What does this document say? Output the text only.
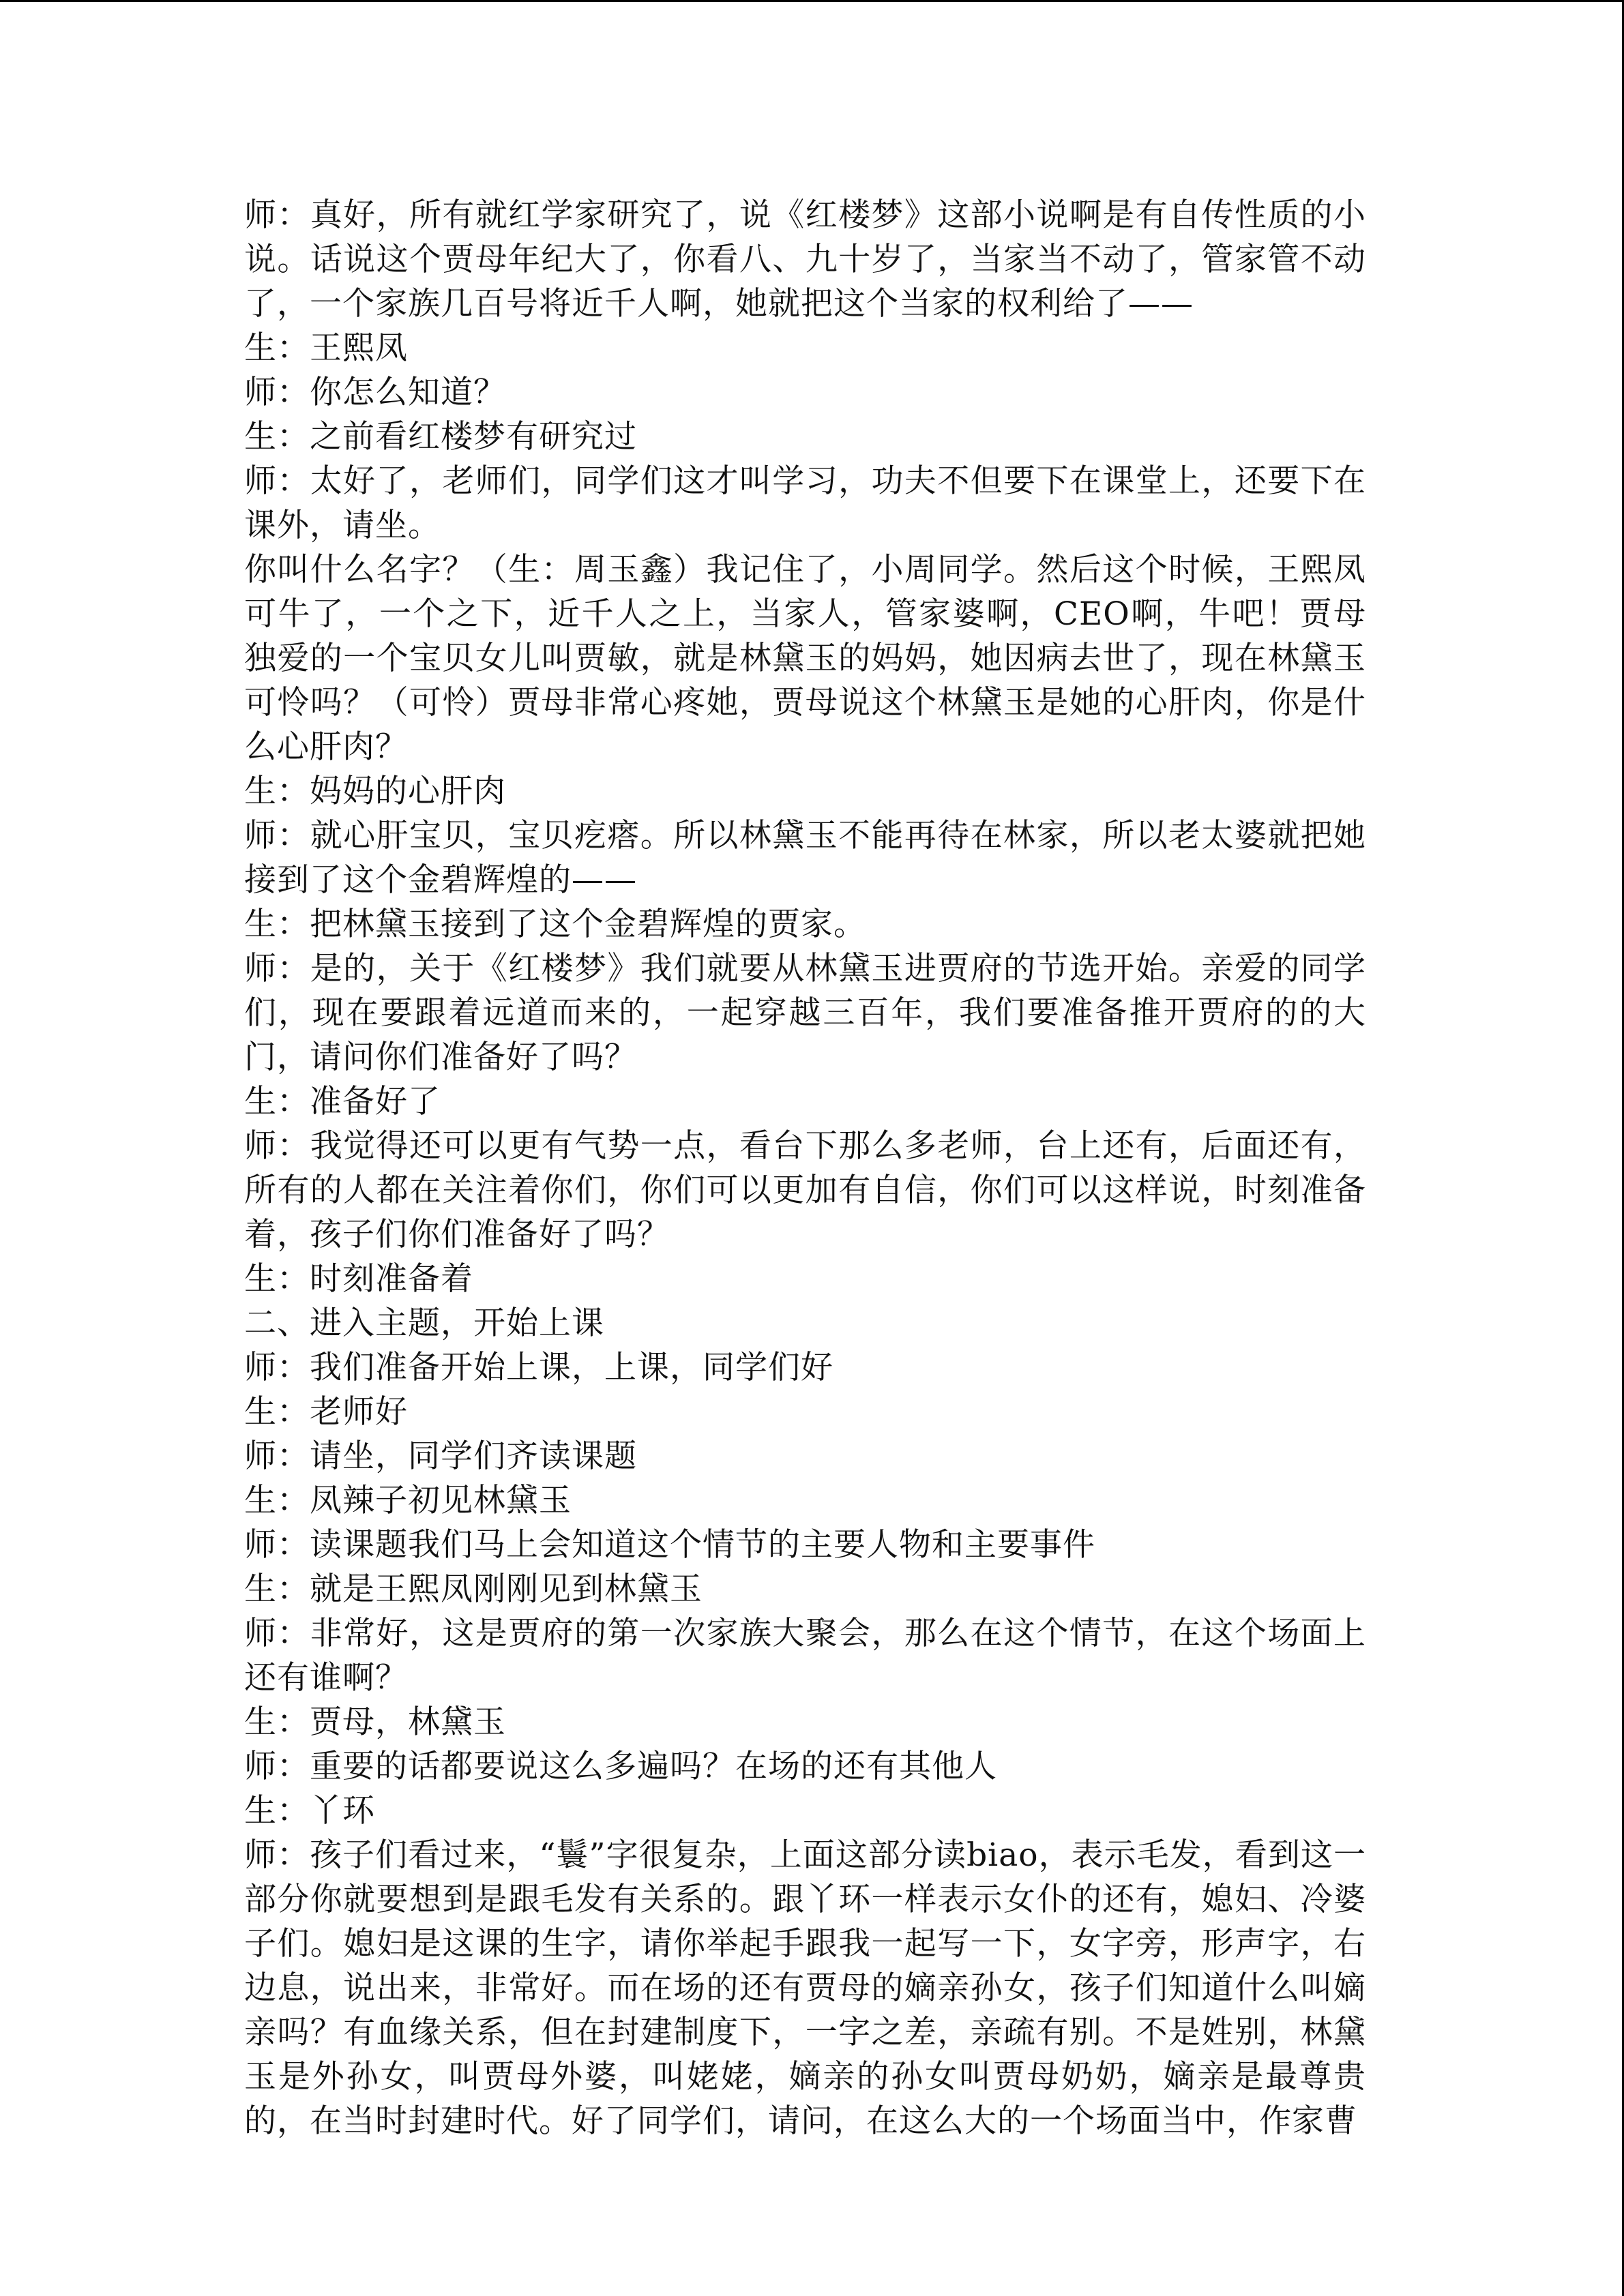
师：真好，所有就红学家研究了，说《红楼梦》这部小说啊是有自传性质的小说。话说这个贾母年纪大了，你看八、九十岁了，当家当不动了，管家管不动了，一个家族几百号将近千人啊，她就把这个当家的权利给了——

生：王熙凤

师：你怎么知道？

生：之前看红楼梦有研究过

师：太好了，老师们，同学们这才叫学习，功夫不但要下在课堂上，还要下在课外，请坐。

你叫什么名字？（生：周玉鑫）我记住了，小周同学。然后这个时候，王熙凤可牛了，一个之下，近千人之上，当家人，管家婆啊，CEO啊，牛吧！贾母独爱的一个宝贝女儿叫贾敏，就是林黛玉的妈妈，她因病去世了，现在林黛玉可怜吗？（可怜）贾母非常心疼她，贾母说这个林黛玉是她的心肝肉，你是什么心肝肉？

生：妈妈的心肝肉

师：就心肝宝贝，宝贝疙瘩。所以林黛玉不能再待在林家，所以老太婆就把她接到了这个金碧辉煌的——

生：把林黛玉接到了这个金碧辉煌的贾家。

师：是的，关于《红楼梦》我们就要从林黛玉进贾府的节选开始。亲爱的同学们，现在要跟着远道而来的，一起穿越三百年，我们要准备推开贾府的的大门，请问你们准备好了吗？

生：准备好了

师：我觉得还可以更有气势一点，看台下那么多老师，台上还有，后面还有，所有的人都在关注着你们，你们可以更加有自信，你们可以这样说，时刻准备着，孩子们你们准备好了吗？

生：时刻准备着

二、进入主题，开始上课

师：我们准备开始上课，上课，同学们好

生：老师好

师：请坐，同学们齐读课题

生：凤辣子初见林黛玉

师：读课题我们马上会知道这个情节的主要人物和主要事件

生：就是王熙凤刚刚见到林黛玉

师：非常好，这是贾府的第一次家族大聚会，那么在这个情节，在这个场面上还有谁啊？

生：贾母，林黛玉

师：重要的话都要说这么多遍吗？在场的还有其他人

生：丫环

师：孩子们看过来，“鬟”字很复杂，上面这部分读biao，表示毛发，看到这一部分你就要想到是跟毛发有关系的。跟丫环一样表示女仆的还有，媳妇、冷婆子们。媳妇是这课的生字，请你举起手跟我一起写一下，女字旁，形声字，右边息，说出来，非常好。而在场的还有贾母的嫡亲孙女，孩子们知道什么叫嫡亲吗？有血缘关系，但在封建制度下，一字之差，亲疏有别。不是姓别，林黛玉是外孙女，叫贾母外婆，叫姥姥，嫡亲的孙女叫贾母奶奶，嫡亲是最尊贵的，在当时封建时代。好了同学们，请问，在这么大的一个场面当中，作家曹
